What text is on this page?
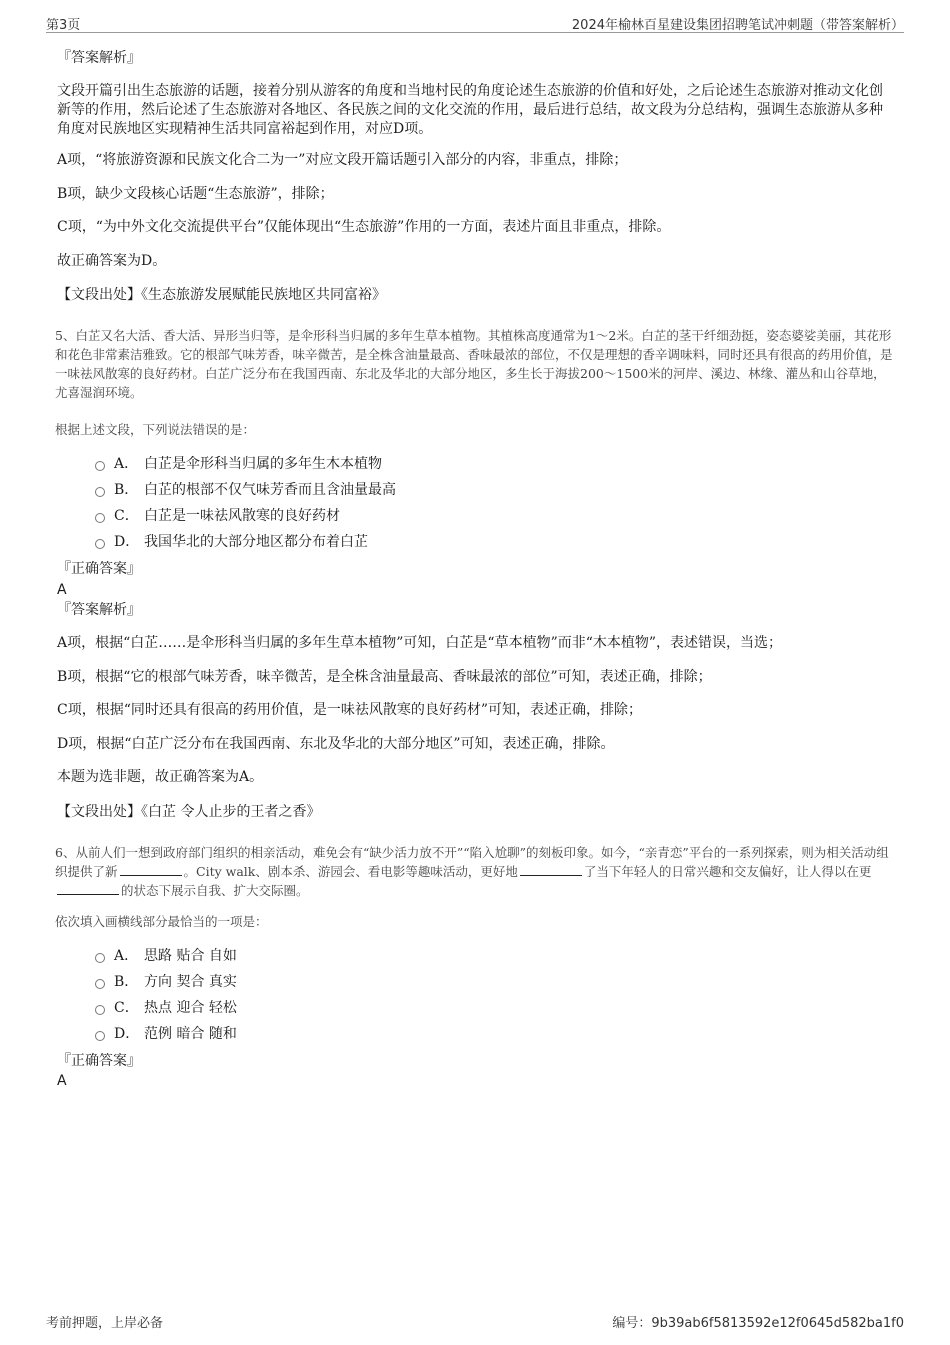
第3页	2024年榆林百星建设集团招聘笔试冲刺题（带答案解析）
『答案解析』

文段开篇引出生态旅游的话题，接着分别从游客的角度和当地村民的角度论述生态旅游的价值和好处，之后论述生态旅游对推动文化创新等的作用，然后论述了生态旅游对各地区、各民族之间的文化交流的作用，最后进行总结，故文段为分总结构，强调生态旅游从多种角度对民族地区实现精神生活共同富裕起到作用，对应D项。

A项，“将旅游资源和民族文化合二为一”对应文段开篇话题引入部分的内容，非重点，排除；

B项，缺少文段核心话题“生态旅游”，排除；

C项，“为中外文化交流提供平台”仅能体现出“生态旅游”作用的一方面，表述片面且非重点，排除。

故正确答案为D。

【文段出处】《生态旅游发展赋能民族地区共同富裕》

5、白芷又名大活、香大活、异形当归等，是伞形科当归属的多年生草本植物。其植株高度通常为1～2米。白芷的茎干纤细劲挺，姿态婆娑美丽，其花形和花色非常素洁雅致。它的根部气味芳香，味辛微苦，是全株含油量最高、香味最浓的部位，不仅是理想的香辛调味料，同时还具有很高的药用价值，是一味祛风散寒的良好药材。白芷广泛分布在我国西南、东北及华北的大部分地区，多生长于海拔200～1500米的河岸、溪边、林缘、灌丛和山谷草地，尤喜湿润环境。

根据上述文段，下列说法错误的是：

A． 白芷是伞形科当归属的多年生木本植物
B． 白芷的根部不仅气味芳香而且含油量最高
C． 白芷是一味祛风散寒的良好药材
D． 我国华北的大部分地区都分布着白芷
『正确答案』
A
『答案解析』

A项，根据“白芷……是伞形科当归属的多年生草本植物”可知，白芷是“草本植物”而非“木本植物”，表述错误，当选；

B项，根据“它的根部气味芳香，味辛微苦，是全株含油量最高、香味最浓的部位”可知，表述正确，排除；

C项，根据“同时还具有很高的药用价值，是一味祛风散寒的良好药材”可知，表述正确，排除；

D项，根据“白芷广泛分布在我国西南、东北及华北的大部分地区”可知，表述正确，排除。

本题为选非题，故正确答案为A。

【文段出处】《白芷 令人止步的王者之香》

6、从前人们一想到政府部门组织的相亲活动，难免会有“缺少活力放不开”“陷入尬聊”的刻板印象。如今，“亲青恋”平台的一系列探索，则为相关活动组织提供了新	。City walk、剧本杀、游园会、看电影等趣味活动，更好地	了当下年轻人的日常兴趣和交友偏好，让人得以在更的状态下展示自我、扩大交际圈。

依次填入画横线部分最恰当的一项是：

A． 思路 贴合 自如
B． 方向 契合 真实
C． 热点 迎合 轻松
D． 范例 暗合 随和
『正确答案』
A
考前押题，上岸必备	编号：9b39ab6f5813592e12f0645d582ba1f0
